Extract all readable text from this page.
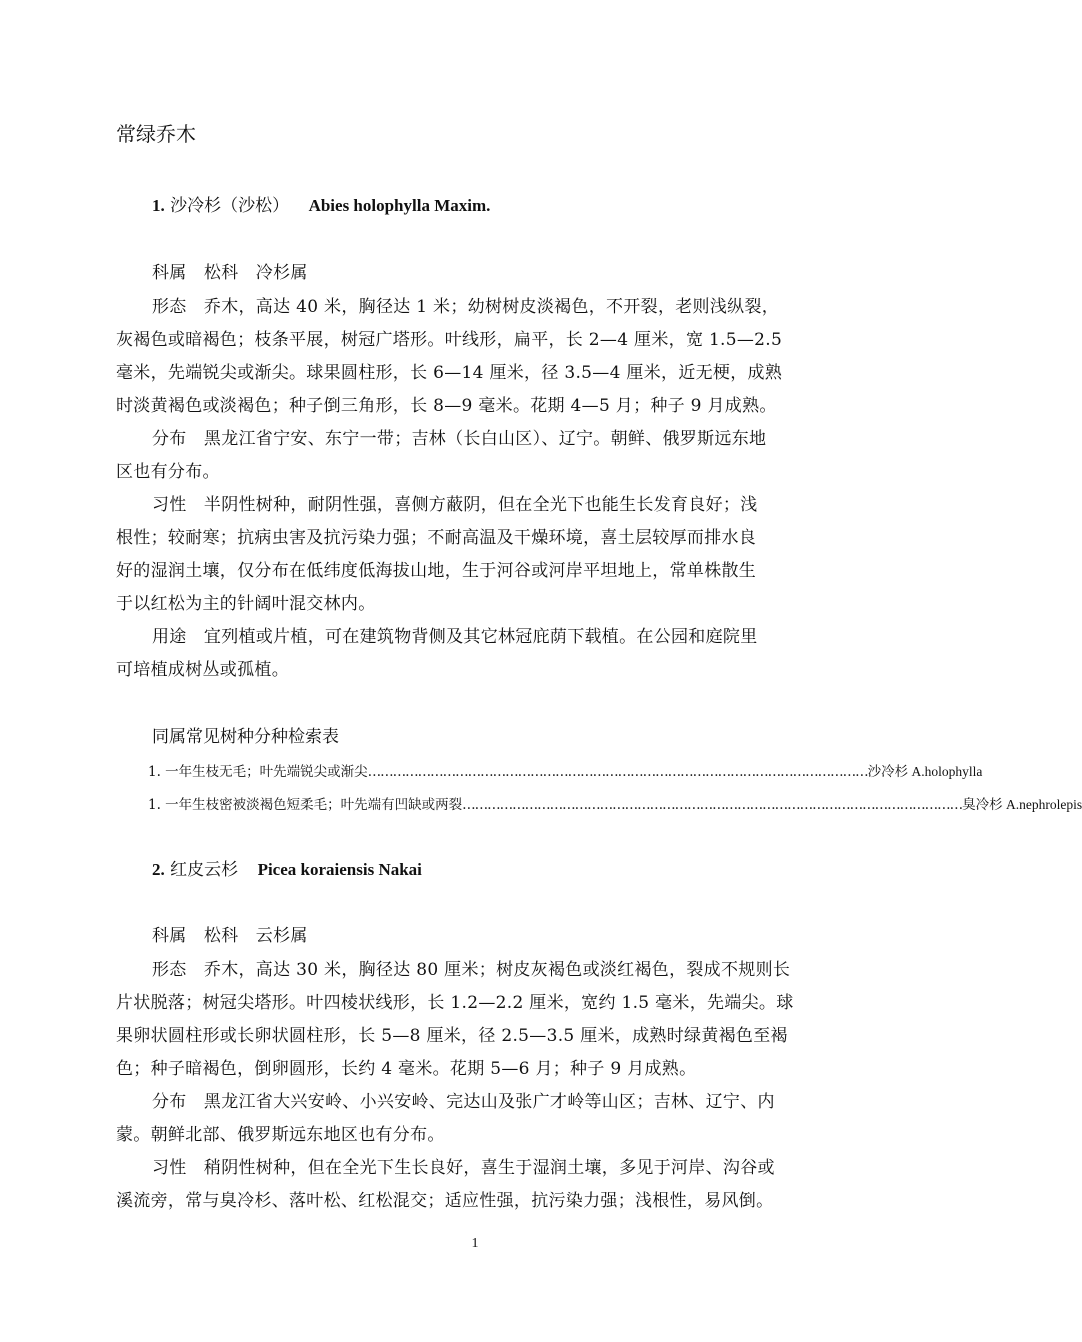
常绿乔木
1. 沙冷杉（沙松） Abies holophylla Maxim.
科属　松科　冷杉属
形态　乔木，高达 40 米，胸径达 1 米；幼树树皮淡褐色，不开裂，老则浅纵裂，
灰褐色或暗褐色；枝条平展，树冠广塔形。叶线形，扁平，长 2—4 厘米，宽 1.5—2.5
毫米，先端锐尖或渐尖。球果圆柱形，长 6—14 厘米，径 3.5—4 厘米，近无梗，成熟
时淡黄褐色或淡褐色；种子倒三角形，长 8—9 毫米。花期 4—5 月；种子 9 月成熟。
分布　黑龙江省宁安、东宁一带；吉林（长白山区）、辽宁。朝鲜、俄罗斯远东地
区也有分布。
习性　半阴性树种，耐阴性强，喜侧方蔽阴，但在全光下也能生长发育良好；浅
根性；较耐寒；抗病虫害及抗污染力强；不耐高温及干燥环境，喜土层较厚而排水良
好的湿润土壤，仅分布在低纬度低海拔山地，生于河谷或河岸平坦地上，常单株散生
于以红松为主的针阔叶混交林内。
用途　宜列植或片植，可在建筑物背侧及其它林冠庇荫下载植。在公园和庭院里
可培植成树丛或孤植。
同属常见树种分种检索表
1. 一年生枝无毛；叶先端锐尖或渐尖 ………………………………………………………………………………………………………… 沙冷杉 A.holophylla
1. 一年生枝密被淡褐色短柔毛；叶先端有凹缺或两裂 ………………………………………………………………………………………………………… 臭冷杉 A.nephrolepis
2. 红皮云杉 Picea koraiensis Nakai
科属　松科　云杉属
形态　乔木，高达 30 米，胸径达 80 厘米；树皮灰褐色或淡红褐色，裂成不规则长
片状脱落；树冠尖塔形。叶四棱状线形，长 1.2—2.2 厘米，宽约 1.5 毫米，先端尖。球
果卵状圆柱形或长卵状圆柱形，长 5—8 厘米，径 2.5—3.5 厘米，成熟时绿黄褐色至褐
色；种子暗褐色，倒卵圆形，长约 4 毫米。花期 5—6 月；种子 9 月成熟。
分布　黑龙江省大兴安岭、小兴安岭、完达山及张广才岭等山区；吉林、辽宁、内
蒙。朝鲜北部、俄罗斯远东地区也有分布。
习性　稍阴性树种，但在全光下生长良好，喜生于湿润土壤，多见于河岸、沟谷或
溪流旁，常与臭冷杉、落叶松、红松混交；适应性强，抗污染力强；浅根性，易风倒。
1
